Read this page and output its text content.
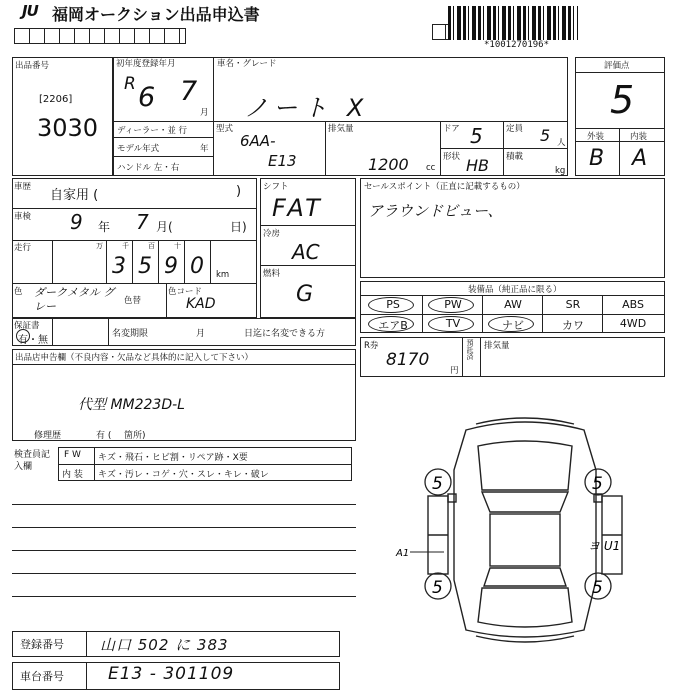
JU 福岡オークション出品申込書
*1001270196*
出品番号
[2206]
3030
初年度登録年月
R 6 7
月
ディーラー・並 行
モデル年式	年
ハンドル 左・右
車名・グレード
ノート X
型式
6AA-
E13
排気量
1200 cc
ドア 5	定員 5 人
形状 HB 積載
kg
評価点
5
外装	内装
B A
車歴
自家用 (	)
車検 9 年 7 月(	日)
走行	万	千	百	十
3 5 9 0 km
色 ダークメタル グレー	色替
色コード
KAD
シフト
FAT
冷房
AC
燃料
G
セールスポイント（正直に記載するもの）
アラウンドビュー、
装備品（純正品に限る）
PS	PW	AW	SR	ABS
エアB	TV	ナビ	カワ	4WD
保証書
有・無
名変期限	月	日迄に名変できる方
R券
8170
円
預託済 排気量
出品店申告欄（不良内容・欠品など具体的に記入して下さい）
代型 MM223D-L
修理歴	有 ( 箇所)
検査員記入欄
F W キズ・飛石・ヒビ割・リペア跡・X要
内 装 キズ・汚レ・コゲ・穴・スレ・キレ・破レ	5	5
5	5
A1
ヨ U1
登録番号 山口 502 に 383
車台番号	E13 - 301109
